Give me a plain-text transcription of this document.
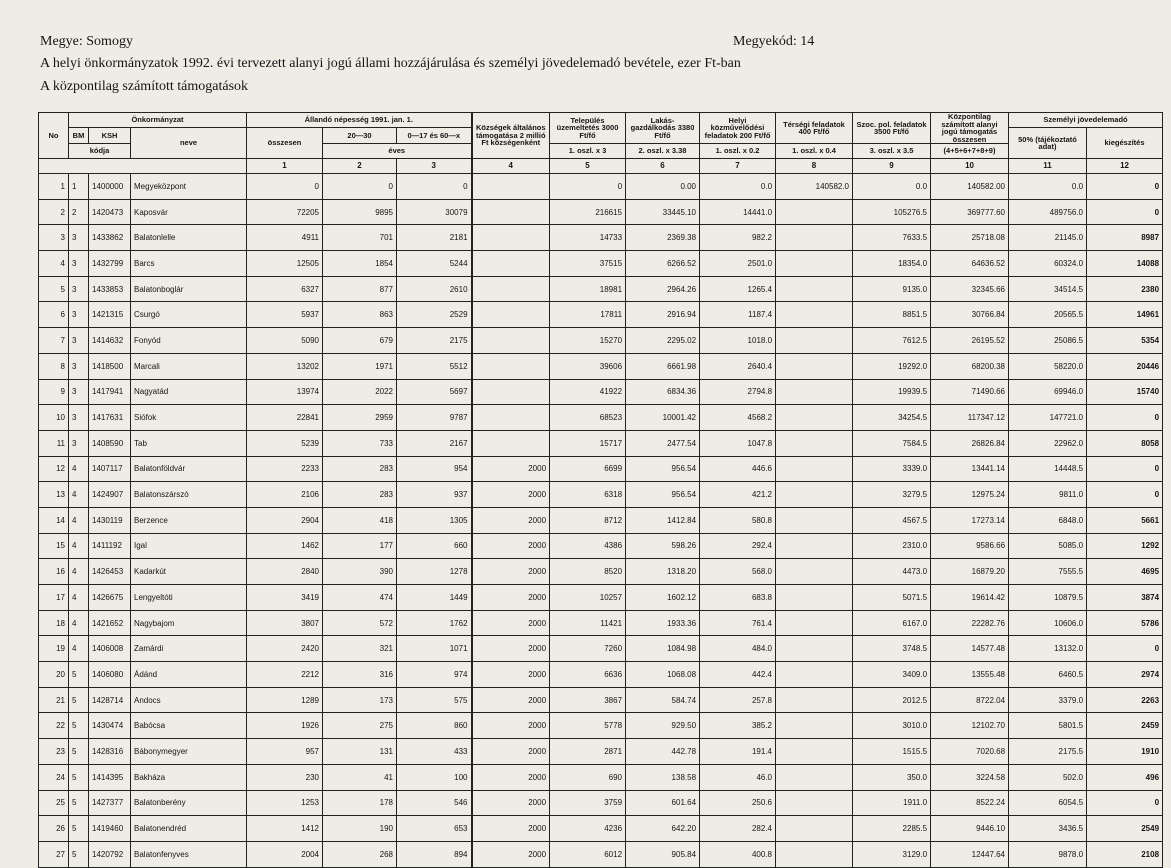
Megye: Somogy	Megyekód: 14
A helyi önkormányzatok 1992. évi tervezett alanyi jogú állami hozzájárulása és személyi jövedelemadó bevétele, ezer Ft-ban
A központilag számított támogatások
No	Önkormányzat			Állandó népesség 1991. jan. 1.			Községek általános támogatása 2 millió Ft községenként	Település üzemeltetés 3000 Ft/fő	Lakás-gazdálkodás 3380 Ft/fő	Helyi közművelődési feladatok 200 Ft/fő	Térségi feladatok 400 Ft/fő	Szoc. pol. feladatok 3500 Ft/fő	Központilag számított alanyi jogú támogatás összesen	Személyi jövedelemadó	
	BM	KSH	neve	összesen	20—30	0—17 és 60—x								50% (tájékoztató adat)	kiegészítés
	kódja				éves			1. oszl. x 3	2. oszl. x 3.38	1. oszl. x 0.2	1. oszl. x 0.4	3. oszl. x 3.5	(4+5+6+7+8+9)		
				1	2	3	4	5	6	7	8	9	10	11	12
1	1	1400000	Megyeközpont	0	0	0		0	0.00	0.0	140582.0	0.0	140582.00	0.0	0
2	2	1420473	Kaposvár	72205	9895	30079		216615	33445.10	14441.0		105276.5	369777.60	489756.0	0
3	3	1433862	Balatonlelle	4911	701	2181		14733	2369.38	982.2		7633.5	25718.08	21145.0	8987
4	3	1432799	Barcs	12505	1854	5244		37515	6266.52	2501.0		18354.0	64636.52	60324.0	14088
5	3	1433853	Balatonboglár	6327	877	2610		18981	2964.26	1265.4		9135.0	32345.66	34514.5	2380
6	3	1421315	Csurgó	5937	863	2529		17811	2916.94	1187.4		8851.5	30766.84	20565.5	14961
7	3	1414632	Fonyód	5090	679	2175		15270	2295.02	1018.0		7612.5	26195.52	25086.5	5354
8	3	1418500	Marcali	13202	1971	5512		39606	6661.98	2640.4		19292.0	68200.38	58220.0	20446
9	3	1417941	Nagyatád	13974	2022	5697		41922	6834.36	2794.8		19939.5	71490.66	69946.0	15740
10	3	1417631	Siófok	22841	2959	9787		68523	10001.42	4568.2		34254.5	117347.12	147721.0	0
11	3	1408590	Tab	5239	733	2167		15717	2477.54	1047.8		7584.5	26826.84	22962.0	8058
12	4	1407117	Balatonföldvár	2233	283	954	2000	6699	956.54	446.6		3339.0	13441.14	14448.5	0
13	4	1424907	Balatonszárszó	2106	283	937	2000	6318	956.54	421.2		3279.5	12975.24	9811.0	0
14	4	1430119	Berzence	2904	418	1305	2000	8712	1412.84	580.8		4567.5	17273.14	6848.0	5661
15	4	1411192	Igal	1462	177	660	2000	4386	598.26	292.4		2310.0	9586.66	5085.0	1292
16	4	1426453	Kadarkút	2840	390	1278	2000	8520	1318.20	568.0		4473.0	16879.20	7555.5	4695
17	4	1426675	Lengyeltóti	3419	474	1449	2000	10257	1602.12	683.8		5071.5	19614.42	10879.5	3874
18	4	1421652	Nagybajom	3807	572	1762	2000	11421	1933.36	761.4		6167.0	22282.76	10606.0	5786
19	4	1406008	Zamárdi	2420	321	1071	2000	7260	1084.98	484.0		3748.5	14577.48	13132.0	0
20	5	1406080	Ádánd	2212	316	974	2000	6636	1068.08	442.4		3409.0	13555.48	6460.5	2974
21	5	1428714	Andocs	1289	173	575	2000	3867	584.74	257.8		2012.5	8722.04	3379.0	2263
22	5	1430474	Babócsa	1926	275	860	2000	5778	929.50	385.2		3010.0	12102.70	5801.5	2459
23	5	1428316	Bábonymegyer	957	131	433	2000	2871	442.78	191.4		1515.5	7020.68	2175.5	1910
24	5	1414395	Bakháza	230	41	100	2000	690	138.58	46.0		350.0	3224.58	502.0	496
25	5	1427377	Balatonberény	1253	178	546	2000	3759	601.64	250.6		1911.0	8522.24	6054.5	0
26	5	1419460	Balatonendréd	1412	190	653	2000	4236	642.20	282.4		2285.5	9446.10	3436.5	2549
27	5	1420792	Balatonfenyves	2004	268	894	2000	6012	905.84	400.8		3129.0	12447.64	9878.0	2108
